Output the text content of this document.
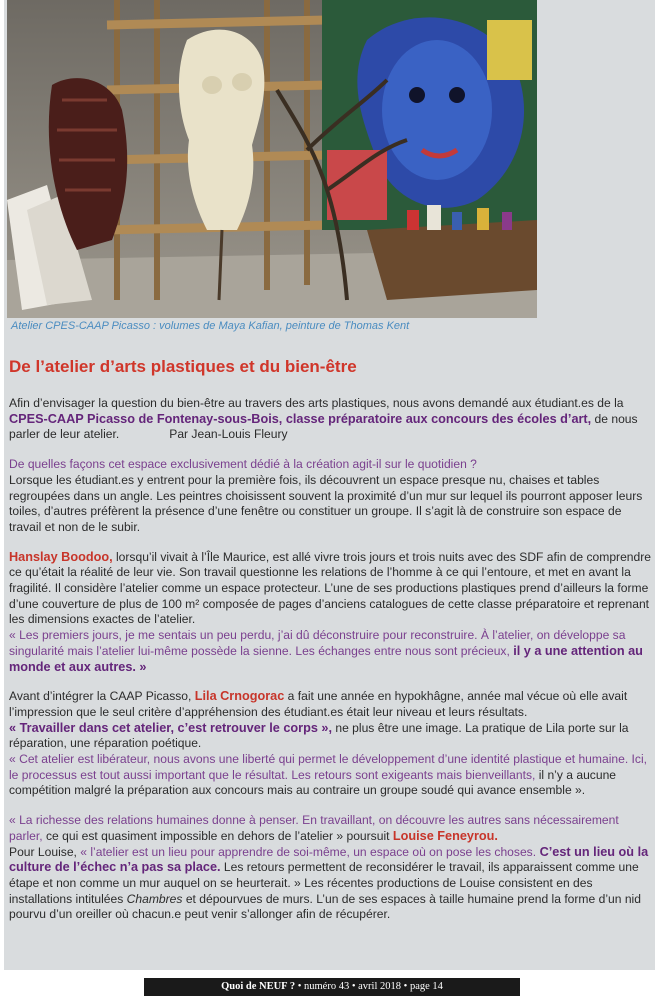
Atelier CPES-CAAP Picasso : volumes de Maya Kafian, peinture de Thomas Kent
De l’atelier d’arts plastiques et du bien-être

Afin d’envisager la question du bien-être au travers des arts plastiques, nous avons demandé aux étudiant.es de la CPES-CAAP Picasso de Fontenay-sous-Bois, classe préparatoire aux concours des écoles d’art, de nous parler de leur atelier.	Par Jean-Louis Fleury

De quelles façons cet espace exclusivement dédié à la création agit-il sur le quotidien ?
Lorsque les étudiant.es y entrent pour la première fois, ils découvrent un espace presque nu, chaises et tables regroupées dans un angle. Les peintres choisissent souvent la proximité d’un mur sur lequel ils pourront apposer leurs toiles, d’autres préfèrent la présence d’une fenêtre ou constituer un groupe. Il s’agit là de construire son espace de travail et non de le subir.

Hanslay Boodoo, lorsqu’il vivait à l’Île Maurice, est allé vivre trois jours et trois nuits avec des SDF afin de comprendre ce qu’était la réalité de leur vie. Son travail questionne les relations de l’homme à ce qui l’entoure, et met en avant la fragilité. Il considère l’atelier comme un espace protecteur. L’une de ses productions plastiques prend d’ailleurs la forme d’une couverture de plus de 100 m² composée de pages d’anciens catalogues de cette classe préparatoire et reprenant les dimensions exactes de l’atelier.
« Les premiers jours, je me sentais un peu perdu, j’ai dû déconstruire pour reconstruire. À l’atelier, on développe sa singularité mais l’atelier lui-même possède la sienne. Les échanges entre nous sont précieux, il y a une attention au monde et aux autres. »

Avant d’intégrer la CAAP Picasso, Lila Crnogorac a fait une année en hypokhâgne, année mal vécue où elle avait l’impression que le seul critère d’appréhension des étudiant.es était leur niveau et leurs résultats.
« Travailler dans cet atelier, c’est retrouver le corps », ne plus être une image. La pratique de Lila porte sur la réparation, une réparation poétique.
« Cet atelier est libérateur, nous avons une liberté qui permet le développement d’une identité plastique et humaine. Ici, le processus est tout aussi important que le résultat. Les retours sont exigeants mais bienveillants, il n’y a aucune compétition malgré la préparation aux concours mais au contraire un groupe soudé qui avance ensemble ».

« La richesse des relations humaines donne à penser. En travaillant, on découvre les autres sans nécessairement parler, ce qui est quasiment impossible en dehors de l’atelier » poursuit Louise Feneyrou.
Pour Louise, « l’atelier est un lieu pour apprendre de soi-même, un espace où on pose les choses. C’est un lieu où la culture de l’échec n’a pas sa place. Les retours permettent de reconsidérer le travail, ils apparaissent comme une étape et non comme un mur auquel on se heurterait. » Les récentes productions de Louise consistent en des installations intitulées Chambres et dépourvues de murs. L’un de ses espaces à taille humaine prend la forme d’un nid pourvu d’un oreiller où chacun.e peut venir s’allonger afin de récupérer.

Quoi de NEUF ? • numéro 43 • avril 2018 • page 14
